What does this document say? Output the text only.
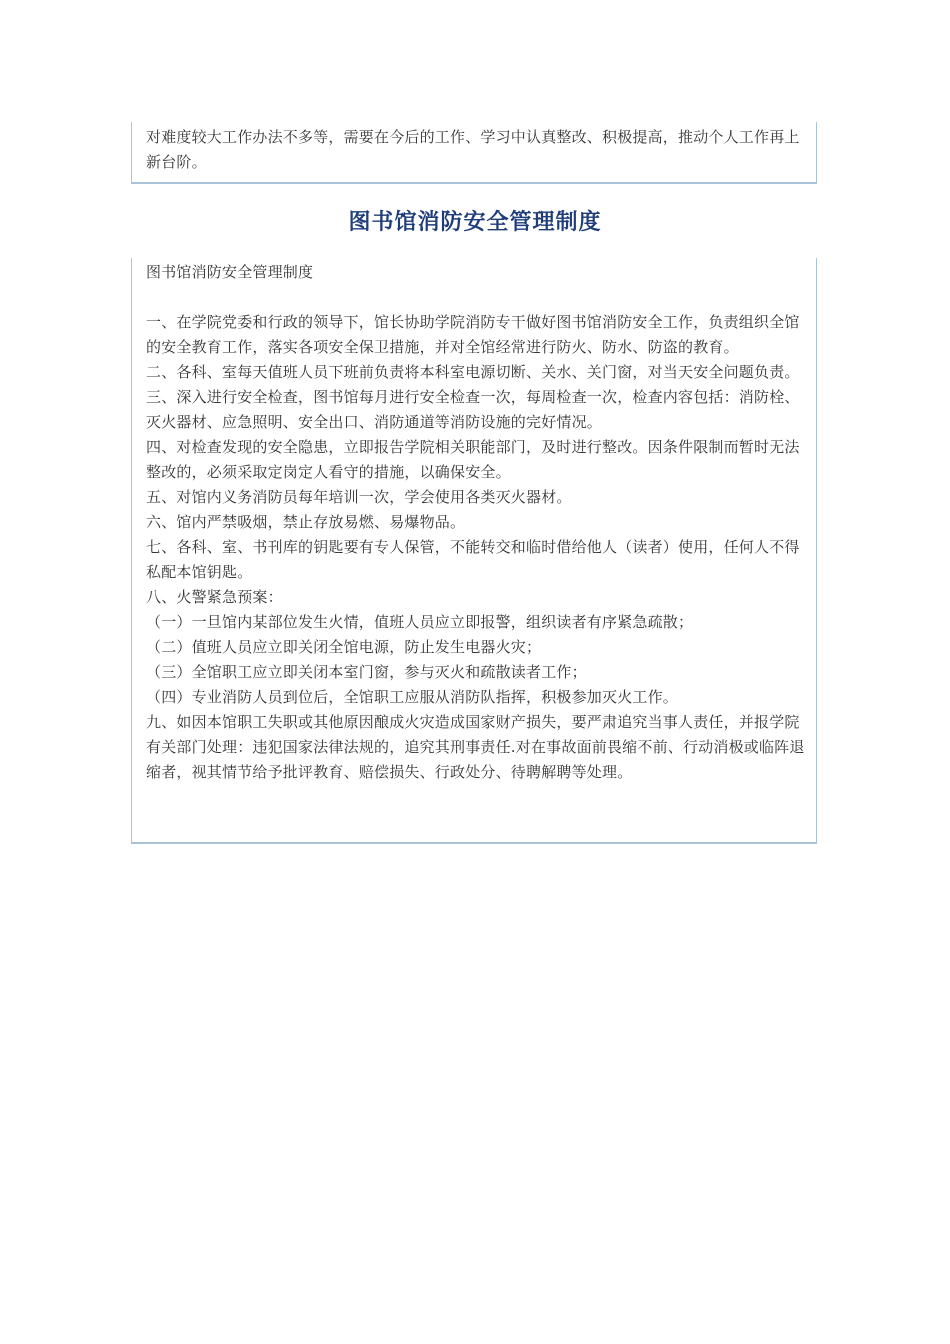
对难度较大工作办法不多等，需要在今后的工作、学习中认真整改、积极提高，推动个人工作再上新台阶。
图书馆消防安全管理制度

图书馆消防安全管理制度

一、在学院党委和行政的领导下，馆长协助学院消防专干做好图书馆消防安全工作，负责组织全馆的安全教育工作，落实各项安全保卫措施，并对全馆经常进行防火、防水、防盗的教育。

二、各科、室每天值班人员下班前负责将本科室电源切断、关水、关门窗，对当天安全问题负责。

三、深入进行安全检查，图书馆每月进行安全检查一次，每周检查一次，检查内容包括：消防栓、灭火器材、应急照明、安全出口、消防通道等消防设施的完好情况。

四、对检查发现的安全隐患，立即报告学院相关职能部门，及时进行整改。因条件限制而暂时无法整改的，必须采取定岗定人看守的措施，以确保安全。

五、对馆内义务消防员每年培训一次，学会使用各类灭火器材。

六、馆内严禁吸烟，禁止存放易燃、易爆物品。

七、各科、室、书刊库的钥匙要有专人保管，不能转交和临时借给他人（读者）使用，任何人不得私配本馆钥匙。

八、火警紧急预案：

（一）一旦馆内某部位发生火情，值班人员应立即报警，组织读者有序紧急疏散；

（二）值班人员应立即关闭全馆电源，防止发生电器火灾；

（三）全馆职工应立即关闭本室门窗，参与灭火和疏散读者工作；

（四）专业消防人员到位后，全馆职工应服从消防队指挥，积极参加灭火工作。

九、如因本馆职工失职或其他原因酿成火灾造成国家财产损失，要严肃追究当事人责任，并报学院有关部门处理：违犯国家法律法规的，追究其刑事责任.对在事故面前畏缩不前、行动消极或临阵退缩者，视其情节给予批评教育、赔偿损失、行政处分、待聘解聘等处理。
